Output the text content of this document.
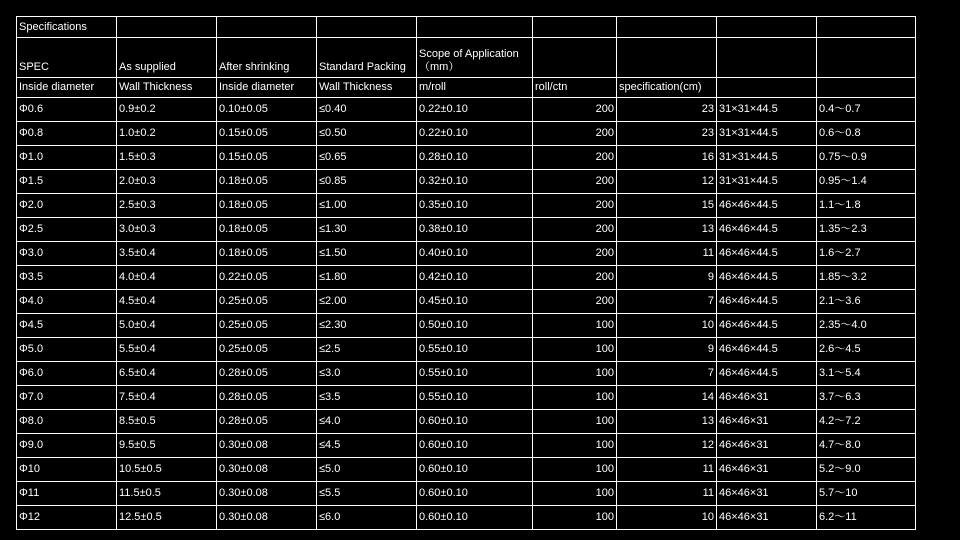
Specifications								
SPEC	As supplied	After shrinking	Standard Packing	Scope of Application（mm）				
Inside diameter	Wall Thickness	Inside diameter	Wall Thickness	m/roll	roll/ctn	specification(cm)		
Φ0.6	0.9±0.2	0.10±0.05	≤0.40	0.22±0.10	200	23	31×31×44.5	0.4～0.7
Φ0.8	1.0±0.2	0.15±0.05	≤0.50	0.22±0.10	200	23	31×31×44.5	0.6～0.8
Φ1.0	1.5±0.3	0.15±0.05	≤0.65	0.28±0.10	200	16	31×31×44.5	0.75～0.9
Φ1.5	2.0±0.3	0.18±0.05	≤0.85	0.32±0.10	200	12	31×31×44.5	0.95～1.4
Φ2.0	2.5±0.3	0.18±0.05	≤1.00	0.35±0.10	200	15	46×46×44.5	1.1～1.8
Φ2.5	3.0±0.3	0.18±0.05	≤1.30	0.38±0.10	200	13	46×46×44.5	1.35～2.3
Φ3.0	3.5±0.4	0.18±0.05	≤1.50	0.40±0.10	200	11	46×46×44.5	1.6～2.7
Φ3.5	4.0±0.4	0.22±0.05	≤1.80	0.42±0.10	200	9	46×46×44.5	1.85～3.2
Φ4.0	4.5±0.4	0.25±0.05	≤2.00	0.45±0.10	200	7	46×46×44.5	2.1～3.6
Φ4.5	5.0±0.4	0.25±0.05	≤2.30	0.50±0.10	100	10	46×46×44.5	2.35～4.0
Φ5.0	5.5±0.4	0.25±0.05	≤2.5	0.55±0.10	100	9	46×46×44.5	2.6～4.5
Φ6.0	6.5±0.4	0.28±0.05	≤3.0	0.55±0.10	100	7	46×46×44.5	3.1～5.4
Φ7.0	7.5±0.4	0.28±0.05	≤3.5	0.55±0.10	100	14	46×46×31	3.7～6.3
Φ8.0	8.5±0.5	0.28±0.05	≤4.0	0.60±0.10	100	13	46×46×31	4.2～7.2
Φ9.0	9.5±0.5	0.30±0.08	≤4.5	0.60±0.10	100	12	46×46×31	4.7～8.0
Φ10	10.5±0.5	0.30±0.08	≤5.0	0.60±0.10	100	11	46×46×31	5.2～9.0
Φ11	11.5±0.5	0.30±0.08	≤5.5	0.60±0.10	100	11	46×46×31	5.7～10
Φ12	12.5±0.5	0.30±0.08	≤6.0	0.60±0.10	100	10	46×46×31	6.2～11
